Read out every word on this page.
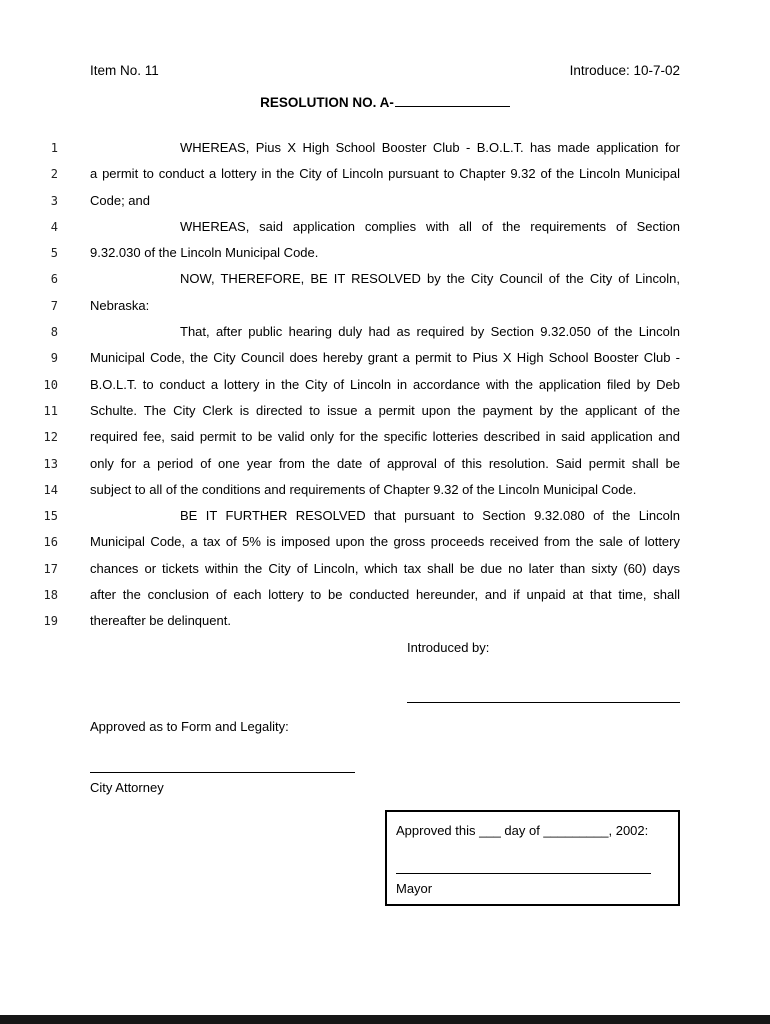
Item No. 11	Introduce: 10-7-02
RESOLUTION NO. A-
1	WHEREAS, Pius X High School Booster Club - B.O.L.T. has made application for
2 a permit to conduct a lottery in the City of Lincoln pursuant to Chapter 9.32 of the Lincoln Municipal
3 Code; and
4	WHEREAS, said application complies with all of the requirements of Section
5 9.32.030 of the Lincoln Municipal Code.
6	NOW, THEREFORE, BE IT RESOLVED by the City Council of the City of Lincoln,
7 Nebraska:
8	That, after public hearing duly had as required by Section 9.32.050 of the Lincoln
9 Municipal Code, the City Council does hereby grant a permit to Pius X High School Booster Club -
10 B.O.L.T. to conduct a lottery in the City of Lincoln in accordance with the application filed by Deb
11 Schulte. The City Clerk is directed to issue a permit upon the payment by the applicant of the
12 required fee, said permit to be valid only for the specific lotteries described in said application and
13 only for a period of one year from the date of approval of this resolution. Said permit shall be
14 subject to all of the conditions and requirements of Chapter 9.32 of the Lincoln Municipal Code.
15	BE IT FURTHER RESOLVED that pursuant to Section 9.32.080 of the Lincoln
16 Municipal Code, a tax of 5% is imposed upon the gross proceeds received from the sale of lottery
17 chances or tickets within the City of Lincoln, which tax shall be due no later than sixty (60) days
18 after the conclusion of each lottery to be conducted hereunder, and if unpaid at that time, shall
19 thereafter be delinquent.
Introduced by:
Approved as to Form and Legality:
City Attorney
Approved this ___ day of _________, 2002:
Mayor
